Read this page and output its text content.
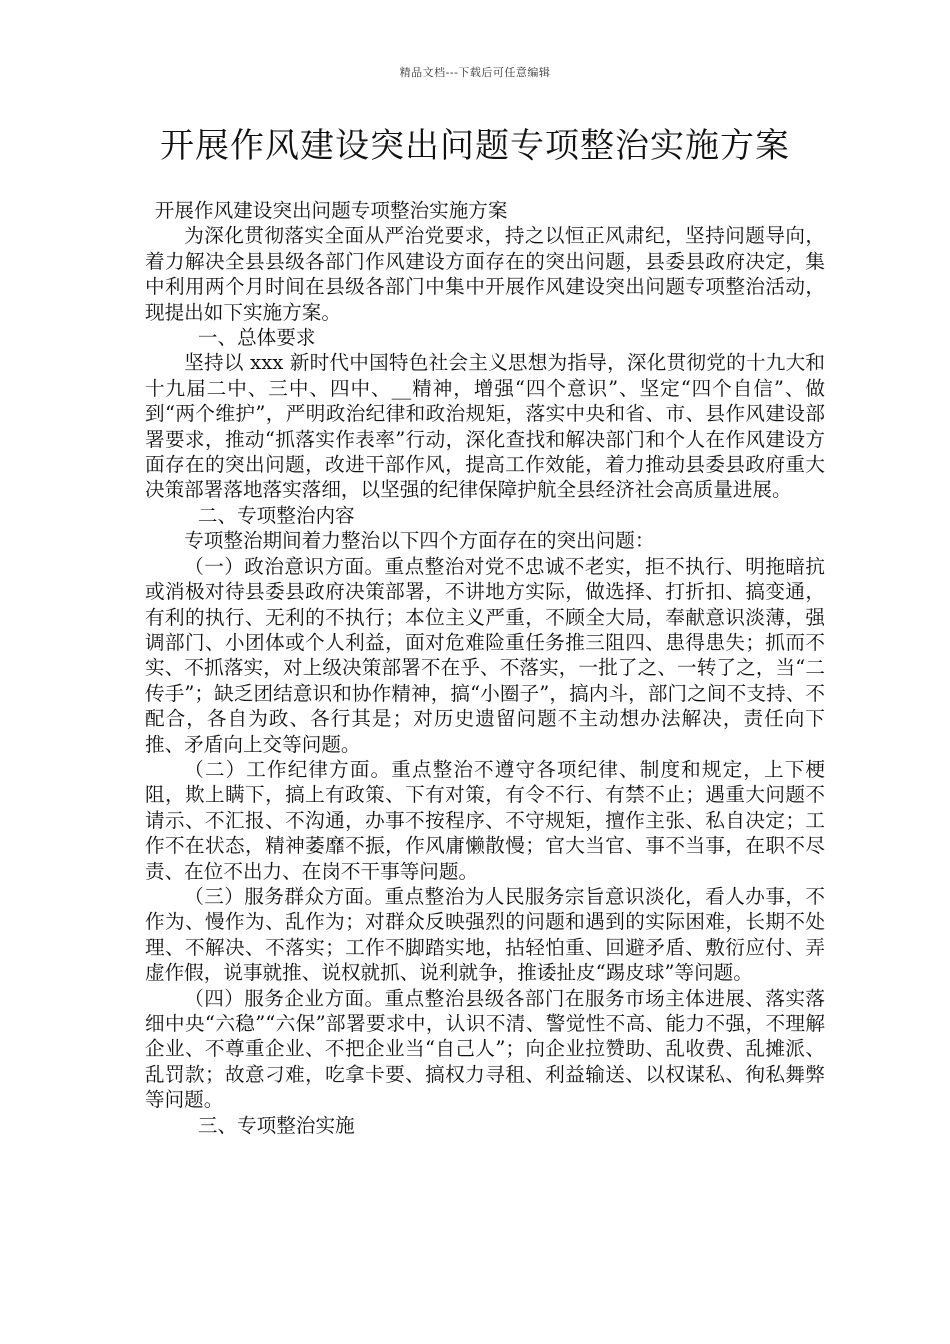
精品文档---下载后可任意编辑
开展作风建设突出问题专项整治实施方案

开展作风建设突出问题专项整治实施方案

为深化贯彻落实全面从严治党要求，持之以恒正风肃纪，坚持问题导向，着力解决全县县级各部门作风建设方面存在的突出问题，县委县政府决定，集中利用两个月时间在县级各部门中集中开展作风建设突出问题专项整治活动，现提出如下实施方案。

一、总体要求

坚持以 xxx 新时代中国特色社会主义思想为指导，深化贯彻党的十九大和十九届二中、三中、四中、__精神，增强“四个意识”、坚定“四个自信”、做到“两个维护”，严明政治纪律和政治规矩，落实中央和省、市、县作风建设部署要求，推动“抓落实作表率”行动，深化查找和解决部门和个人在作风建设方面存在的突出问题，改进干部作风，提高工作效能，着力推动县委县政府重大决策部署落地落实落细，以坚强的纪律保障护航全县经济社会高质量进展。

二、专项整治内容

专项整治期间着力整治以下四个方面存在的突出问题：

（一）政治意识方面。重点整治对党不忠诚不老实，拒不执行、明拖暗抗或消极对待县委县政府决策部署，不讲地方实际，做选择、打折扣、搞变通，有利的执行、无利的不执行；本位主义严重，不顾全大局，奉献意识淡薄，强调部门、小团体或个人利益，面对危难险重任务推三阻四、患得患失；抓而不实、不抓落实，对上级决策部署不在乎、不落实，一批了之、一转了之，当“二传手”；缺乏团结意识和协作精神，搞“小圈子”，搞内斗，部门之间不支持、不配合，各自为政、各行其是；对历史遗留问题不主动想办法解决，责任向下推、矛盾向上交等问题。

（二）工作纪律方面。重点整治不遵守各项纪律、制度和规定，上下梗阻，欺上瞒下，搞上有政策、下有对策，有令不行、有禁不止；遇重大问题不请示、不汇报、不沟通，办事不按程序、不守规矩，擅作主张、私自决定；工作不在状态，精神萎靡不振，作风庸懒散慢；官大当官、事不当事，在职不尽责、在位不出力、在岗不干事等问题。

（三）服务群众方面。重点整治为人民服务宗旨意识淡化，看人办事，不作为、慢作为、乱作为；对群众反映强烈的问题和遇到的实际困难，长期不处理、不解决、不落实；工作不脚踏实地，拈轻怕重、回避矛盾、敷衍应付、弄虚作假，说事就推、说权就抓、说利就争，推诿扯皮“踢皮球”等问题。

（四）服务企业方面。重点整治县级各部门在服务市场主体进展、落实落细中央“六稳”“六保”部署要求中，认识不清、警觉性不高、能力不强，不理解企业、不尊重企业、不把企业当“自己人”；向企业拉赞助、乱收费、乱摊派、乱罚款；故意刁难，吃拿卡要、搞权力寻租、利益输送、以权谋私、徇私舞弊等问题。

三、专项整治实施
